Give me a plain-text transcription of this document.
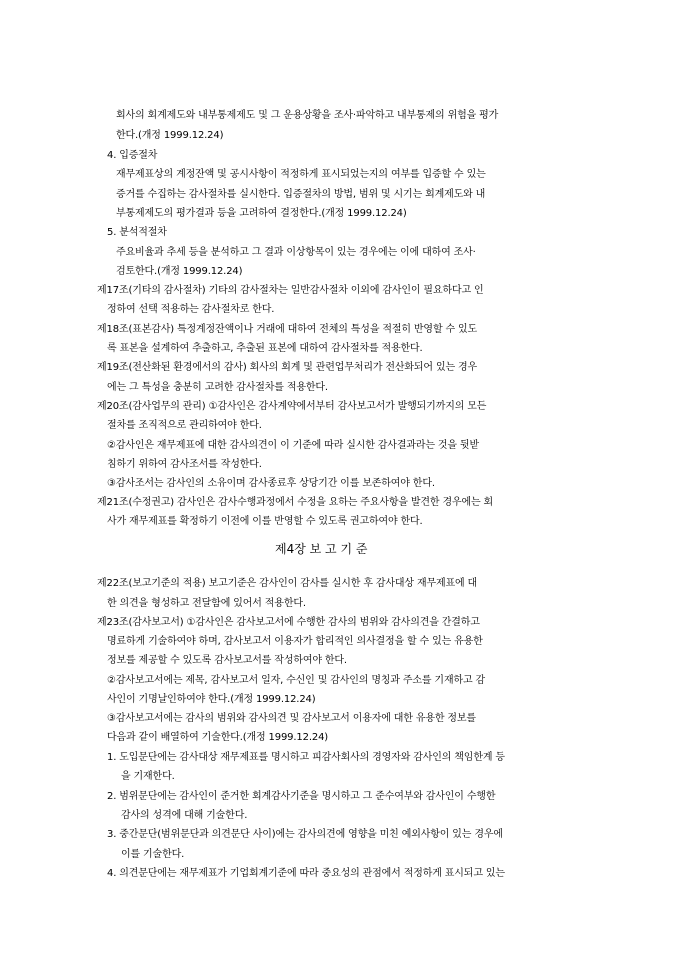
회사의 회계제도와 내부통제제도 및 그 운용상황을 조사·파악하고 내부통제의 위험을 평가
한다.(개정 1999.12.24)
4. 입증절차
재무제표상의 계정잔액 및 공시사항이 적정하게 표시되었는지의 여부를 입증할 수 있는
증거를 수집하는 감사절차를 실시한다. 입증절차의 방법, 범위 및 시기는 회계제도와 내
부통제제도의 평가결과 등을 고려하여 결정한다.(개정 1999.12.24)
5. 분석적절차
주요비율과 추세 등을 분석하고 그 결과 이상항목이 있는 경우에는 이에 대하여 조사·
검토한다.(개정 1999.12.24)
제17조(기타의 감사절차) 기타의 감사절차는 일반감사절차 이외에 감사인이 필요하다고 인
정하여 선택 적용하는 감사절차로 한다.
제18조(표본감사) 특정계정잔액이나 거래에 대하여 전체의 특성을 적절히 반영할 수 있도
록 표본을 설계하여 추출하고, 추출된 표본에 대하여 감사절차를 적용한다.
제19조(전산화된 환경에서의 감사) 회사의 회계 및 관련업무처리가 전산화되어 있는 경우
에는 그 특성을 충분히 고려한 감사절차를 적용한다.
제20조(감사업무의 관리) ①감사인은 감사계약에서부터 감사보고서가 발행되기까지의 모든
절차를 조직적으로 관리하여야 한다.
②감사인은 재무제표에 대한 감사의견이 이 기준에 따라 실시한 감사결과라는 것을 뒷받
침하기 위하여 감사조서를 작성한다.
③감사조서는 감사인의 소유이며 감사종료후 상당기간 이를 보존하여야 한다.
제21조(수정권고) 감사인은 감사수행과정에서 수정을 요하는 주요사항을 발견한 경우에는 회
사가 재무제표를 확정하기 이전에 이를 반영할 수 있도록 권고하여야 한다.
제4장 보 고 기 준
제22조(보고기준의 적용) 보고기준은 감사인이 감사를 실시한 후 감사대상 재무제표에 대
한 의견을 형성하고 전달함에 있어서 적용한다.
제23조(감사보고서) ①감사인은 감사보고서에 수행한 감사의 범위와 감사의견을 간결하고
명료하게 기술하여야 하며, 감사보고서 이용자가 합리적인 의사결정을 할 수 있는 유용한
정보를 제공할 수 있도록 감사보고서를 작성하여야 한다.
②감사보고서에는 제목, 감사보고서 일자, 수신인 및 감사인의 명칭과 주소를 기재하고 감
사인이 기명날인하여야 한다.(개정 1999.12.24)
③감사보고서에는 감사의 범위와 감사의견 및 감사보고서 이용자에 대한 유용한 정보를
다음과 같이 배열하여 기술한다.(개정 1999.12.24)
1. 도입문단에는 감사대상 재무제표를 명시하고 피감사회사의 경영자와 감사인의 책임한계 등
을 기재한다.
2. 범위문단에는 감사인이 준거한 회계감사기준을 명시하고 그 준수여부와 감사인이 수행한
감사의 성격에 대해 기술한다.
3. 중간문단(범위문단과 의견문단 사이)에는 감사의견에 영향을 미친 예외사항이 있는 경우에
이를 기술한다.
4. 의견문단에는 재무제표가 기업회계기준에 따라 중요성의 관점에서 적정하게 표시되고 있는
